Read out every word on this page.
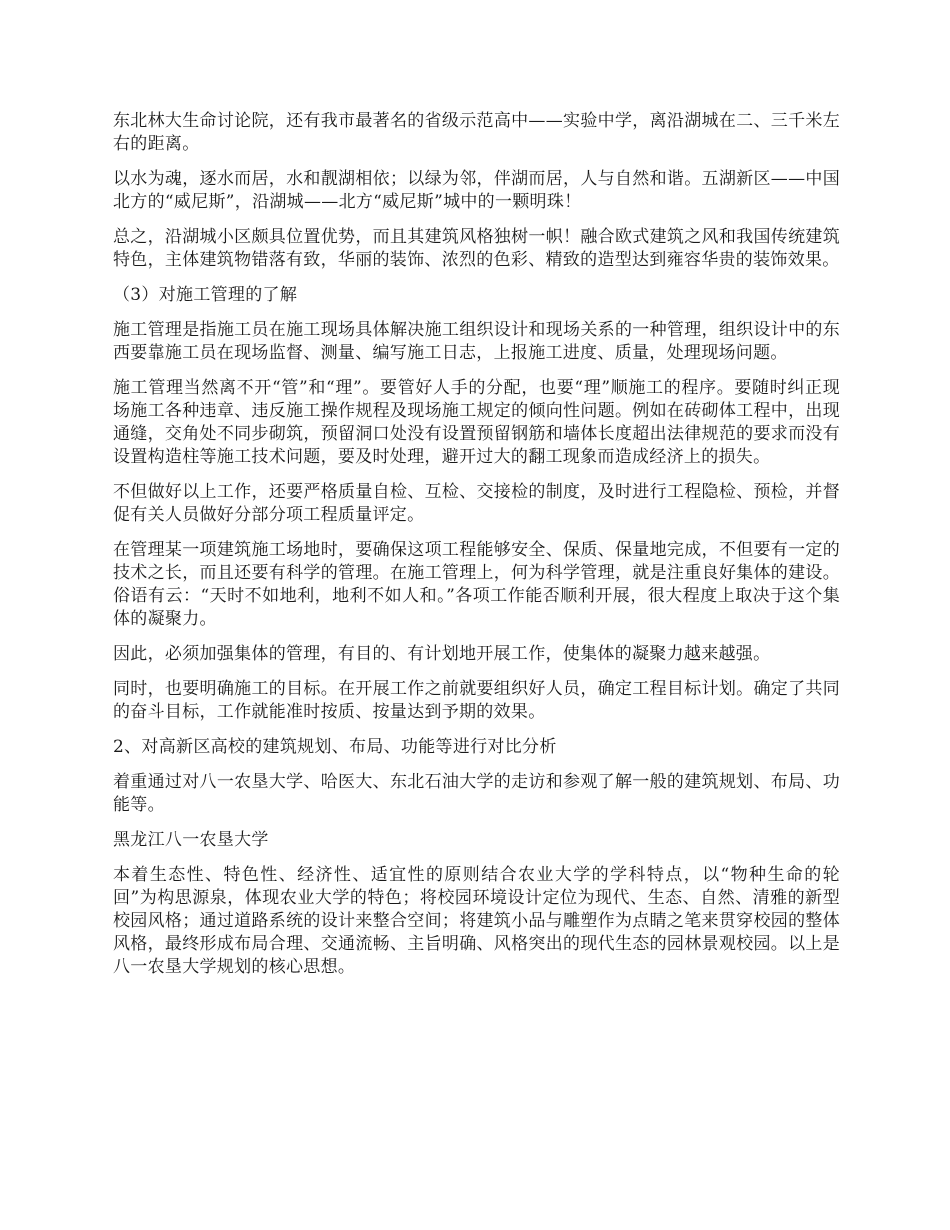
东北林大生命讨论院，还有我市最著名的省级示范高中——实验中学，离沿湖城在二、三千米左右的距离。

以水为魂，逐水而居，水和靓湖相依；以绿为邻，伴湖而居，人与自然和谐。五湖新区——中国北方的“威尼斯”，沿湖城——北方“威尼斯”城中的一颗明珠！

总之，沿湖城小区颇具位置优势，而且其建筑风格独树一帜！融合欧式建筑之风和我国传统建筑特色，主体建筑物错落有致，华丽的装饰、浓烈的色彩、精致的造型达到雍容华贵的装饰效果。

（3）对施工管理的了解

施工管理是指施工员在施工现场具体解决施工组织设计和现场关系的一种管理，组织设计中的东西要靠施工员在现场监督、测量、编写施工日志，上报施工进度、质量，处理现场问题。

施工管理当然离不开“管”和“理”。要管好人手的分配，也要“理”顺施工的程序。要随时纠正现场施工各种违章、违反施工操作规程及现场施工规定的倾向性问题。例如在砖砌体工程中，出现通缝，交角处不同步砌筑，预留洞口处没有设置预留钢筋和墙体长度超出法律规范的要求而没有设置构造柱等施工技术问题，要及时处理，避开过大的翻工现象而造成经济上的损失。

不但做好以上工作，还要严格质量自检、互检、交接检的制度，及时进行工程隐检、预检，并督促有关人员做好分部分项工程质量评定。

在管理某一项建筑施工场地时，要确保这项工程能够安全、保质、保量地完成，不但要有一定的技术之长，而且还要有科学的管理。在施工管理上，何为科学管理，就是注重良好集体的建设。俗语有云：“天时不如地利，地利不如人和。”各项工作能否顺利开展，很大程度上取决于这个集体的凝聚力。

因此，必须加强集体的管理，有目的、有计划地开展工作，使集体的凝聚力越来越强。

同时，也要明确施工的目标。在开展工作之前就要组织好人员，确定工程目标计划。确定了共同的奋斗目标，工作就能准时按质、按量达到予期的效果。

2、对高新区高校的建筑规划、布局、功能等进行对比分析

着重通过对八一农垦大学、哈医大、东北石油大学的走访和参观了解一般的建筑规划、布局、功能等。

黑龙江八一农垦大学

本着生态性、特色性、经济性、适宜性的原则结合农业大学的学科特点，以“物种生命的轮回”为构思源泉，体现农业大学的特色；将校园环境设计定位为现代、生态、自然、清雅的新型校园风格；通过道路系统的设计来整合空间；将建筑小品与雕塑作为点睛之笔来贯穿校园的整体风格，最终形成布局合理、交通流畅、主旨明确、风格突出的现代生态的园林景观校园。以上是八一农垦大学规划的核心思想。
